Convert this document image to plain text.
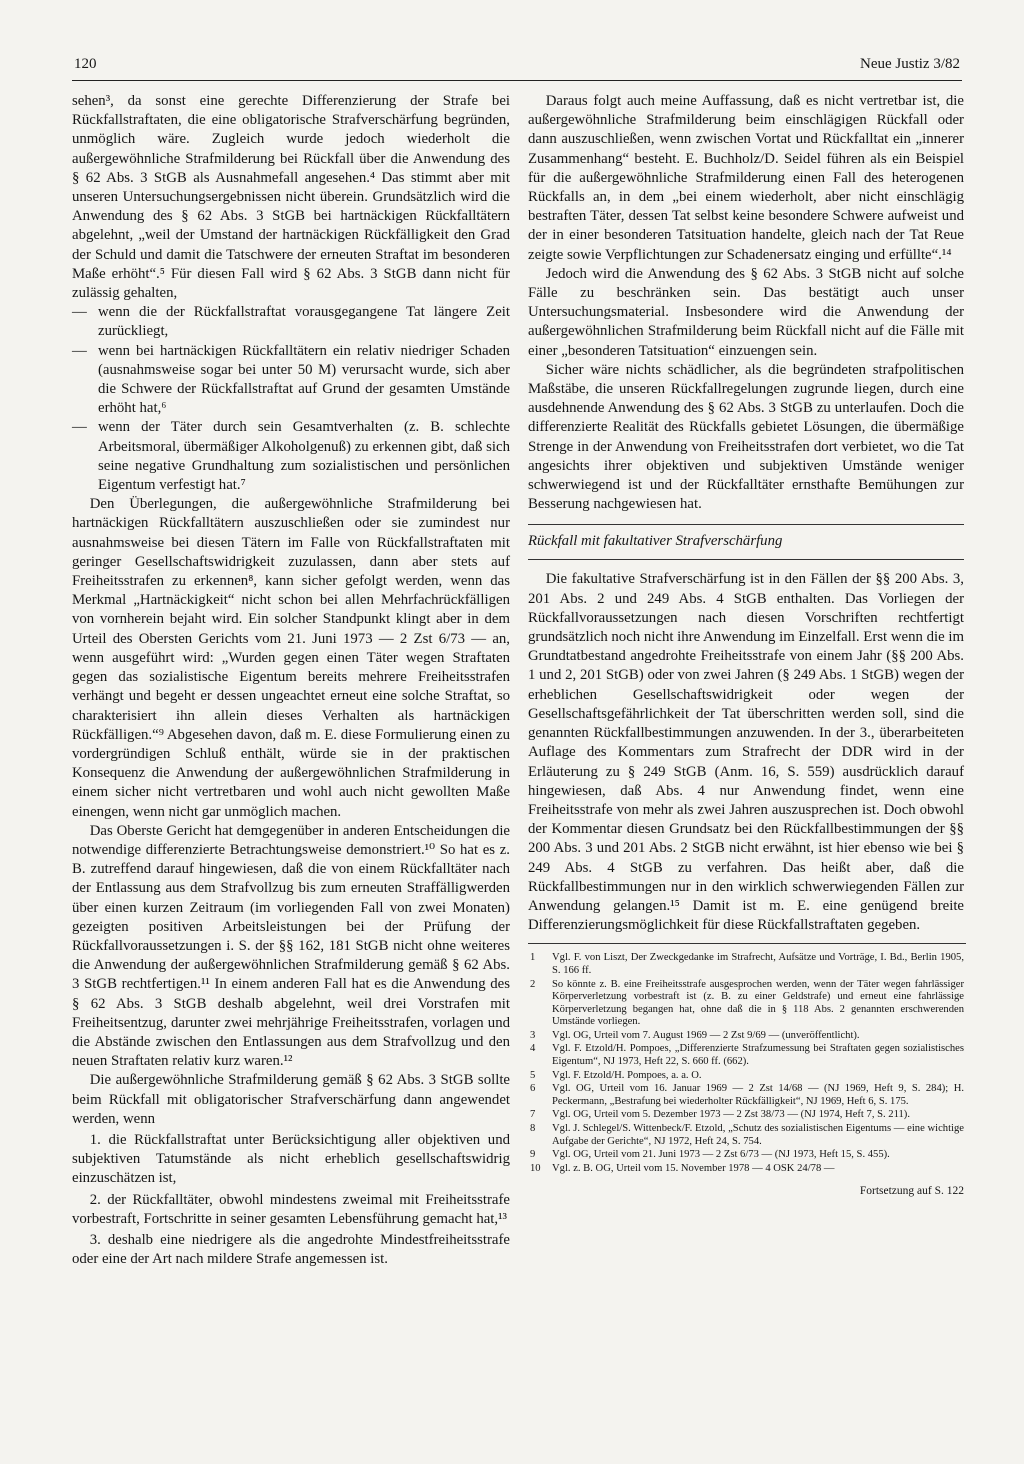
120	Neue Justiz 3/82

sehen³, da sonst eine gerechte Differenzierung der Strafe bei Rückfallstraftaten, die eine obligatorische Strafverschärfung begründen, unmöglich wäre. Zugleich wurde jedoch wiederholt die außergewöhnliche Strafmilderung bei Rückfall über die Anwendung des § 62 Abs. 3 StGB als Ausnahmefall angesehen.⁴ Das stimmt aber mit unseren Untersuchungsergebnissen nicht überein. Grundsätzlich wird die Anwendung des § 62 Abs. 3 StGB bei hartnäckigen Rückfalltätern abgelehnt, „weil der Umstand der hartnäckigen Rückfälligkeit den Grad der Schuld und damit die Tatschwere der erneuten Straftat im besonderen Maße erhöht“.⁵ Für diesen Fall wird § 62 Abs. 3 StGB dann nicht für zulässig gehalten,

— wenn die der Rückfallstraftat vorausgegangene Tat längere Zeit zurückliegt,
— wenn bei hartnäckigen Rückfalltätern ein relativ niedriger Schaden (ausnahmsweise sogar bei unter 50 M) verursacht wurde, sich aber die Schwere der Rückfallstraftat auf Grund der gesamten Umstände erhöht hat,⁶
— wenn der Täter durch sein Gesamtverhalten (z. B. schlechte Arbeitsmoral, übermäßiger Alkoholgenuß) zu erkennen gibt, daß sich seine negative Grundhaltung zum sozialistischen und persönlichen Eigentum verfestigt hat.⁷

Den Überlegungen, die außergewöhnliche Strafmilderung bei hartnäckigen Rückfalltätern auszuschließen oder sie zumindest nur ausnahmsweise bei diesen Tätern im Falle von Rückfallstraftaten mit geringer Gesellschaftswidrigkeit zuzulassen, dann aber stets auf Freiheitsstrafen zu erkennen⁸, kann sicher gefolgt werden, wenn das Merkmal „Hartnäckigkeit“ nicht schon bei allen Mehrfachrückfälligen von vornherein bejaht wird. Ein solcher Standpunkt klingt aber in dem Urteil des Obersten Gerichts vom 21. Juni 1973 — 2 Zst 6/73 — an, wenn ausgeführt wird: „Wurden gegen einen Täter wegen Straftaten gegen das sozialistische Eigentum bereits mehrere Freiheitsstrafen verhängt und begeht er dessen ungeachtet erneut eine solche Straftat, so charakterisiert ihn allein dieses Verhalten als hartnäckigen Rückfälligen.“⁹ Abgesehen davon, daß m. E. diese Formulierung einen zu vordergründigen Schluß enthält, würde sie in der praktischen Konsequenz die Anwendung der außergewöhnlichen Strafmilderung in einem sicher nicht vertretbaren und wohl auch nicht gewollten Maße einengen, wenn nicht gar unmöglich machen.

Das Oberste Gericht hat demgegenüber in anderen Entscheidungen die notwendige differenzierte Betrachtungsweise demonstriert.¹⁰ So hat es z. B. zutreffend darauf hingewiesen, daß die von einem Rückfalltäter nach der Entlassung aus dem Strafvollzug bis zum erneuten Straffälligwerden über einen kurzen Zeitraum (im vorliegenden Fall von zwei Monaten) gezeigten positiven Arbeitsleistungen bei der Prüfung der Rückfallvoraussetzungen i. S. der §§ 162, 181 StGB nicht ohne weiteres die Anwendung der außergewöhnlichen Strafmilderung gemäß § 62 Abs. 3 StGB rechtfertigen.¹¹ In einem anderen Fall hat es die Anwendung des § 62 Abs. 3 StGB deshalb abgelehnt, weil drei Vorstrafen mit Freiheitsentzug, darunter zwei mehrjährige Freiheitsstrafen, vorlagen und die Abstände zwischen den Entlassungen aus dem Strafvollzug und den neuen Straftaten relativ kurz waren.¹²

Die außergewöhnliche Strafmilderung gemäß § 62 Abs. 3 StGB sollte beim Rückfall mit obligatorischer Strafverschärfung dann angewendet werden, wenn

1. die Rückfallstraftat unter Berücksichtigung aller objektiven und subjektiven Tatumstände als nicht erheblich gesellschaftswidrig einzuschätzen ist,
2. der Rückfalltäter, obwohl mindestens zweimal mit Freiheitsstrafe vorbestraft, Fortschritte in seiner gesamten Lebensführung gemacht hat,¹³
3. deshalb eine niedrigere als die angedrohte Mindestfreiheitsstrafe oder eine der Art nach mildere Strafe angemessen ist.

Daraus folgt auch meine Auffassung, daß es nicht vertretbar ist, die außergewöhnliche Strafmilderung beim einschlägigen Rückfall oder dann auszuschließen, wenn zwischen Vortat und Rückfalltat ein „innerer Zusammenhang“ besteht. E. Buchholz/D. Seidel führen als ein Beispiel für die außergewöhnliche Strafmilderung einen Fall des heterogenen Rückfalls an, in dem „bei einem wiederholt, aber nicht einschlägig bestraften Täter, dessen Tat selbst keine besondere Schwere aufweist und der in einer besonderen Tatsituation handelte, gleich nach der Tat Reue zeigte sowie Verpflichtungen zur Schadenersatz einging und erfüllte“.¹⁴

Jedoch wird die Anwendung des § 62 Abs. 3 StGB nicht auf solche Fälle zu beschränken sein. Das bestätigt auch unser Untersuchungsmaterial. Insbesondere wird die Anwendung der außergewöhnlichen Strafmilderung beim Rückfall nicht auf die Fälle mit einer „besonderen Tatsituation“ einzuengen sein.

Sicher wäre nichts schädlicher, als die begründeten strafpolitischen Maßstäbe, die unseren Rückfallregelungen zugrunde liegen, durch eine ausdehnende Anwendung des § 62 Abs. 3 StGB zu unterlaufen. Doch die differenzierte Realität des Rückfalls gebietet Lösungen, die übermäßige Strenge in der Anwendung von Freiheitsstrafen dort verbietet, wo die Tat angesichts ihrer objektiven und subjektiven Umstände weniger schwerwiegend ist und der Rückfalltäter ernsthafte Bemühungen zur Besserung nachgewiesen hat.

Rückfall mit fakultativer Strafverschärfung

Die fakultative Strafverschärfung ist in den Fällen der §§ 200 Abs. 3, 201 Abs. 2 und 249 Abs. 4 StGB enthalten. Das Vorliegen der Rückfallvoraussetzungen nach diesen Vorschriften rechtfertigt grundsätzlich noch nicht ihre Anwendung im Einzelfall. Erst wenn die im Grundtatbestand angedrohte Freiheitsstrafe von einem Jahr (§§ 200 Abs. 1 und 2, 201 StGB) oder von zwei Jahren (§ 249 Abs. 1 StGB) wegen der erheblichen Gesellschaftswidrigkeit oder wegen der Gesellschaftsgefährlichkeit der Tat überschritten werden soll, sind die genannten Rückfallbestimmungen anzuwenden. In der 3., überarbeiteten Auflage des Kommentars zum Strafrecht der DDR wird in der Erläuterung zu § 249 StGB (Anm. 16, S. 559) ausdrücklich darauf hingewiesen, daß Abs. 4 nur Anwendung findet, wenn eine Freiheitsstrafe von mehr als zwei Jahren auszusprechen ist. Doch obwohl der Kommentar diesen Grundsatz bei den Rückfallbestimmungen der §§ 200 Abs. 3 und 201 Abs. 2 StGB nicht erwähnt, ist hier ebenso wie bei § 249 Abs. 4 StGB zu verfahren. Das heißt aber, daß die Rückfallbestimmungen nur in den wirklich schwerwiegenden Fällen zur Anwendung gelangen.¹⁵ Damit ist m. E. eine genügend breite Differenzierungsmöglichkeit für diese Rückfallstraftaten gegeben.

1	Vgl. F. von Liszt, Der Zweckgedanke im Strafrecht, Aufsätze und Vorträge, I. Bd., Berlin 1905, S. 166 ff.
2	So könnte z. B. eine Freiheitsstrafe ausgesprochen werden, wenn der Täter wegen fahrlässiger Körperverletzung vorbestraft ist (z. B. zu einer Geldstrafe) und erneut eine fahrlässige Körperverletzung begangen hat, ohne daß die in § 118 Abs. 2 genannten erschwerenden Umstände vorliegen.
3	Vgl. OG, Urteil vom 7. August 1969 — 2 Zst 9/69 — (unveröffentlicht).
4	Vgl. F. Etzold/H. Pompoes, „Differenzierte Strafzumessung bei Straftaten gegen sozialistisches Eigentum“, NJ 1973, Heft 22, S. 660 ff. (662).
5	Vgl. F. Etzold/H. Pompoes, a. a. O.
6	Vgl. OG, Urteil vom 16. Januar 1969 — 2 Zst 14/68 — (NJ 1969, Heft 9, S. 284); H. Peckermann, „Bestrafung bei wiederholter Rückfälligkeit“, NJ 1969, Heft 6, S. 175.
7	Vgl. OG, Urteil vom 5. Dezember 1973 — 2 Zst 38/73 — (NJ 1974, Heft 7, S. 211).
8	Vgl. J. Schlegel/S. Wittenbeck/F. Etzold, „Schutz des sozialistischen Eigentums — eine wichtige Aufgabe der Gerichte“, NJ 1972, Heft 24, S. 754.
9	Vgl. OG, Urteil vom 21. Juni 1973 — 2 Zst 6/73 — (NJ 1973, Heft 15, S. 455).
10	Vgl. z. B. OG, Urteil vom 15. November 1978 — 4 OSK 24/78 —
Fortsetzung auf S. 122
